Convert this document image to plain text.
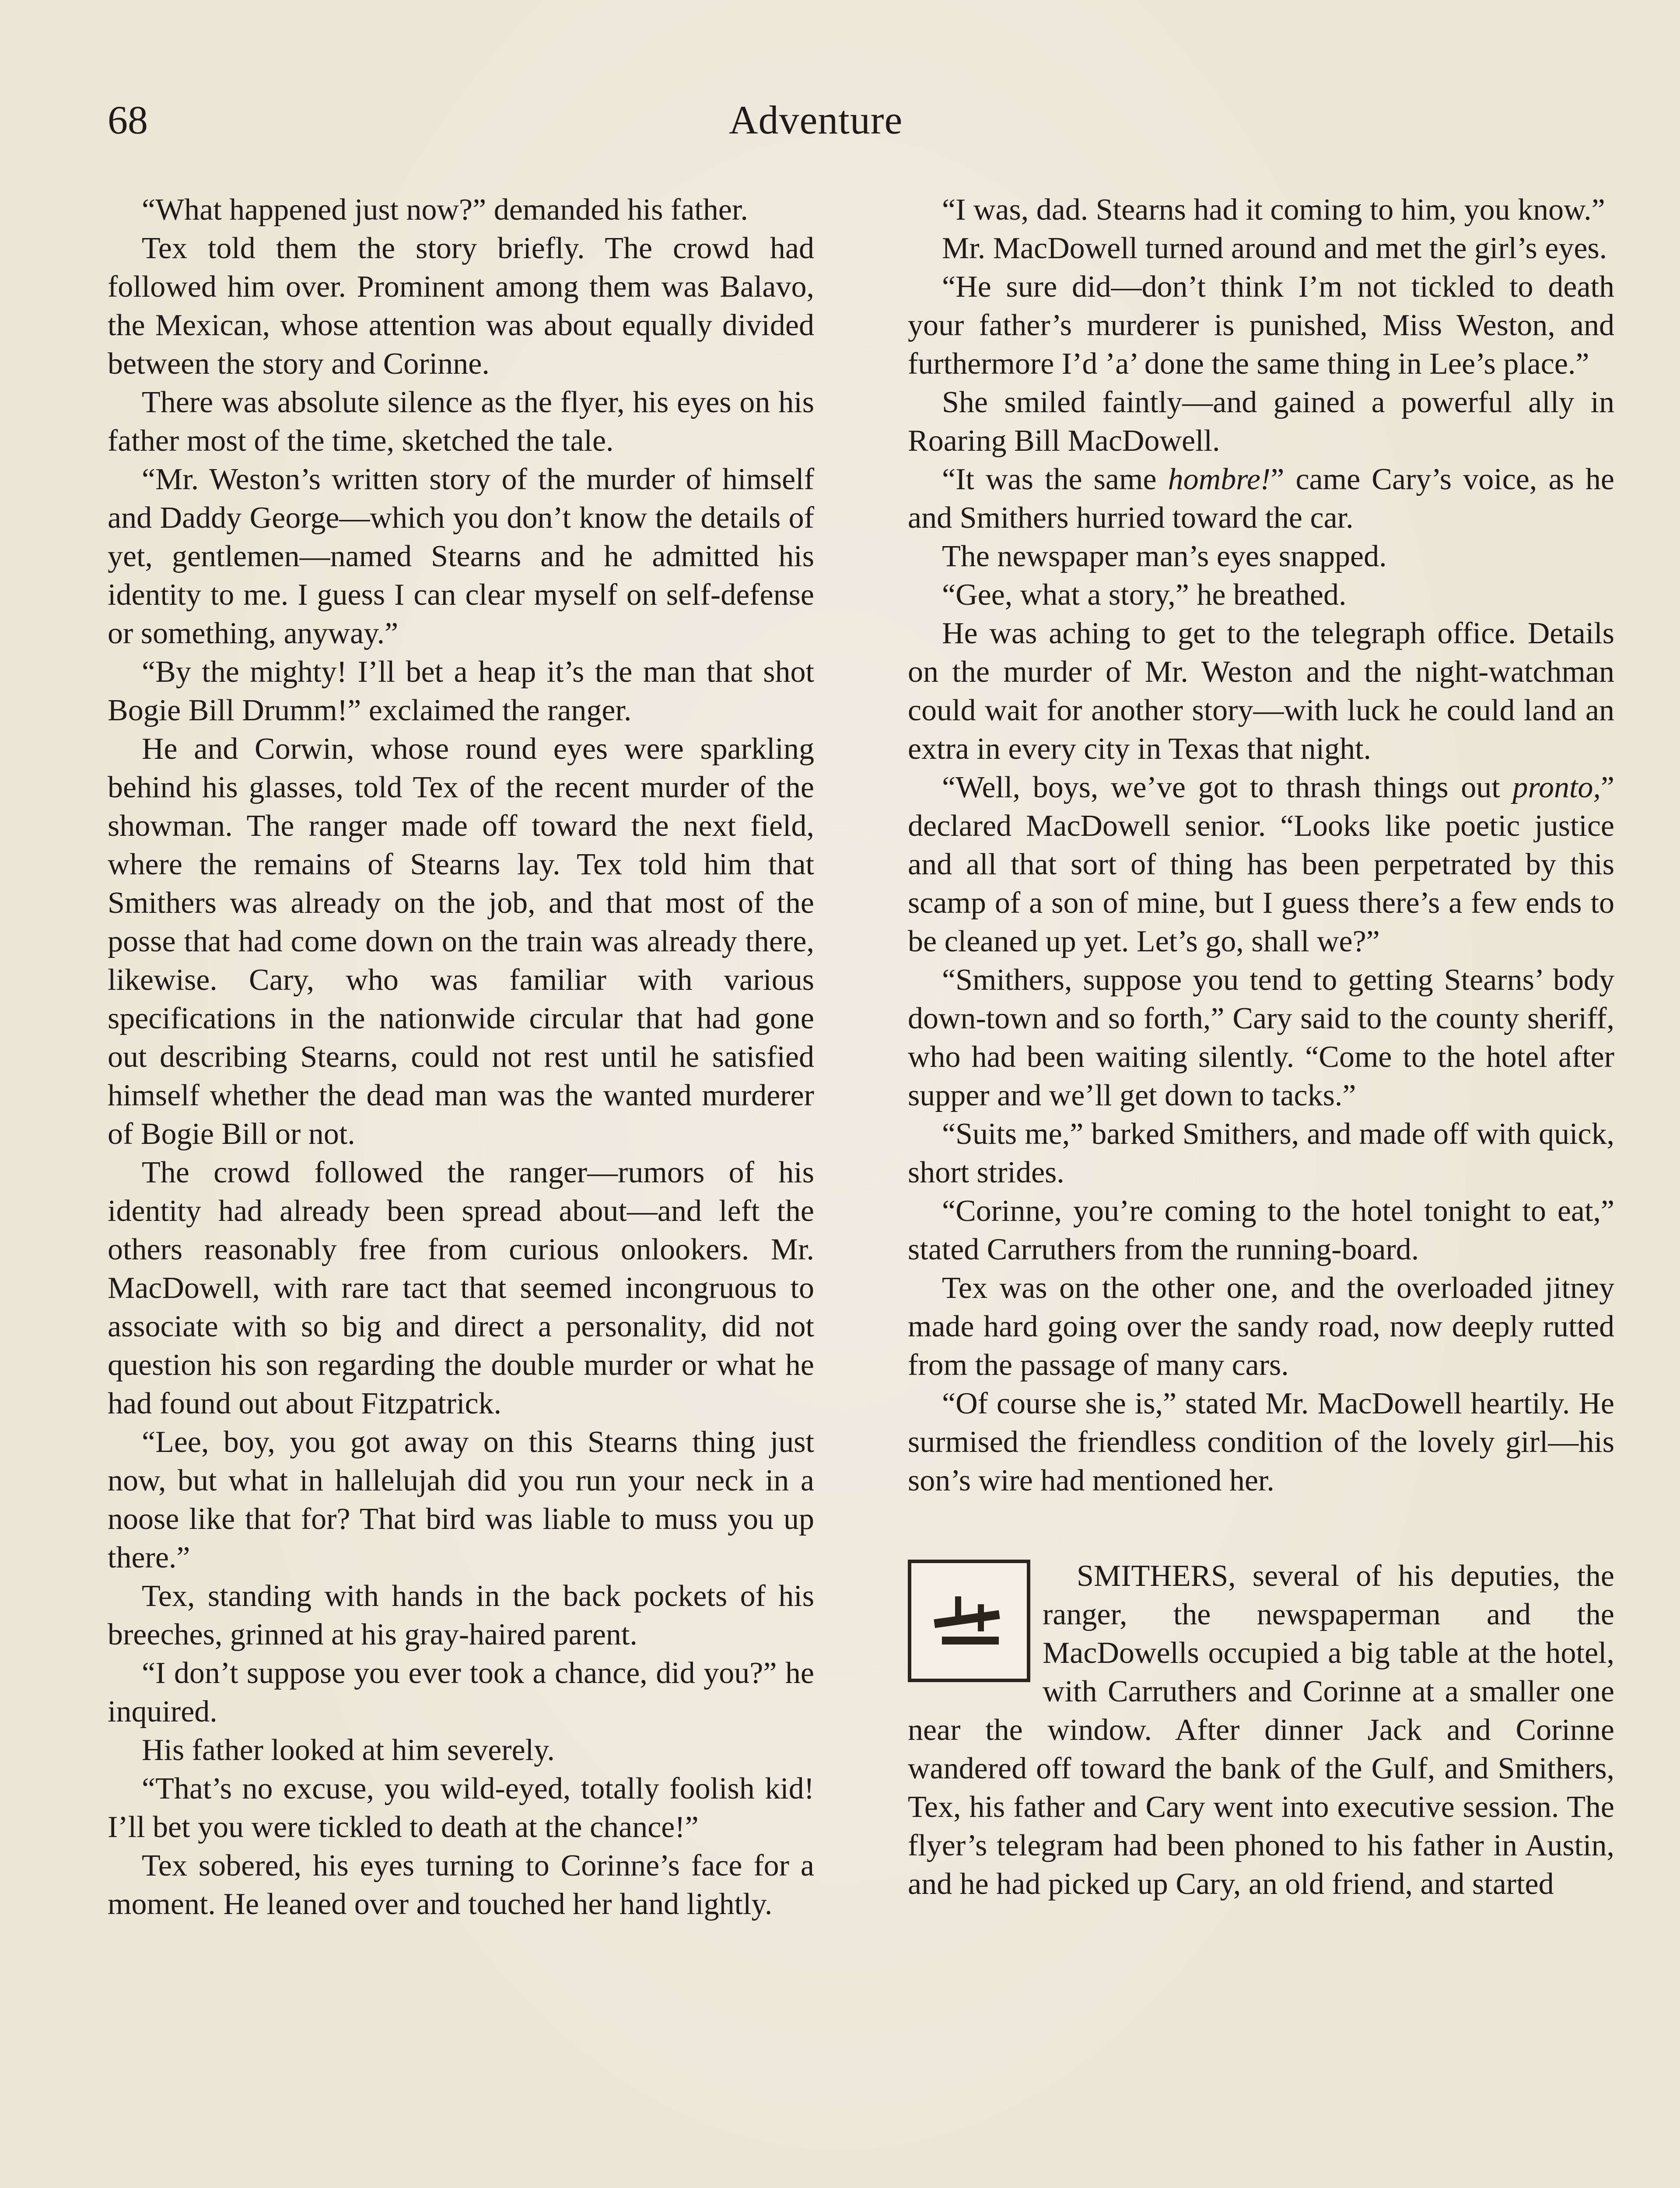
68	Adventure

“What happened just now?” demanded his father.

Tex told them the story briefly. The crowd had followed him over. Prominent among them was Balavo, the Mexican, whose attention was about equally divided between the story and Corinne.

There was absolute silence as the flyer, his eyes on his father most of the time, sketched the tale.

“Mr. Weston’s written story of the murder of himself and Daddy George—which you don’t know the details of yet, gentlemen—named Stearns and he admitted his identity to me. I guess I can clear myself on self-defense or something, anyway.”

“By the mighty! I’ll bet a heap it’s the man that shot Bogie Bill Drumm!” exclaimed the ranger.

He and Corwin, whose round eyes were sparkling behind his glasses, told Tex of the recent murder of the showman. The ranger made off toward the next field, where the remains of Stearns lay. Tex told him that Smithers was already on the job, and that most of the posse that had come down on the train was already there, likewise. Cary, who was familiar with various specifications in the nationwide circular that had gone out describing Stearns, could not rest until he satisfied himself whether the dead man was the wanted murderer of Bogie Bill or not.

The crowd followed the ranger—rumors of his identity had already been spread about—and left the others reasonably free from curious onlookers. Mr. MacDowell, with rare tact that seemed incongruous to associate with so big and direct a personality, did not question his son regarding the double murder or what he had found out about Fitzpatrick.

“Lee, boy, you got away on this Stearns thing just now, but what in hallelujah did you run your neck in a noose like that for? That bird was liable to muss you up there.”

Tex, standing with hands in the back pockets of his breeches, grinned at his gray-haired parent.

“I don’t suppose you ever took a chance, did you?” he inquired.

His father looked at him severely.

“That’s no excuse, you wild-eyed, totally foolish kid! I’ll bet you were tickled to death at the chance!”

Tex sobered, his eyes turning to Corinne’s face for a moment. He leaned over and touched her hand lightly.

“I was, dad. Stearns had it coming to him, you know.”

Mr. MacDowell turned around and met the girl’s eyes.

“He sure did—don’t think I’m not tickled to death your father’s murderer is punished, Miss Weston, and furthermore I’d ’a’ done the same thing in Lee’s place.”

She smiled faintly—and gained a powerful ally in Roaring Bill MacDowell.

“It was the same hombre!” came Cary’s voice, as he and Smithers hurried toward the car.

The newspaper man’s eyes snapped.

“Gee, what a story,” he breathed.

He was aching to get to the telegraph office. Details on the murder of Mr. Weston and the night-watchman could wait for another story—with luck he could land an extra in every city in Texas that night.

“Well, boys, we’ve got to thrash things out pronto,” declared MacDowell senior. “Looks like poetic justice and all that sort of thing has been perpetrated by this scamp of a son of mine, but I guess there’s a few ends to be cleaned up yet. Let’s go, shall we?”

“Smithers, suppose you tend to getting Stearns’ body down-town and so forth,” Cary said to the county sheriff, who had been waiting silently. “Come to the hotel after supper and we’ll get down to tacks.”

“Suits me,” barked Smithers, and made off with quick, short strides.

“Corinne, you’re coming to the hotel tonight to eat,” stated Carruthers from the running-board.

Tex was on the other one, and the overloaded jitney made hard going over the sandy road, now deeply rutted from the passage of many cars.

“Of course she is,” stated Mr. MacDowell heartily. He surmised the friendless condition of the lovely girl—his son’s wire had mentioned her.

SMITHERS, several of his deputies, the ranger, the newspaperman and the MacDowells occupied a big table at the hotel, with Carruthers and Corinne at a smaller one near the window. After dinner Jack and Corinne wandered off toward the bank of the Gulf, and Smithers, Tex, his father and Cary went into executive session. The flyer’s telegram had been phoned to his father in Austin, and he had picked up Cary, an old friend, and started
